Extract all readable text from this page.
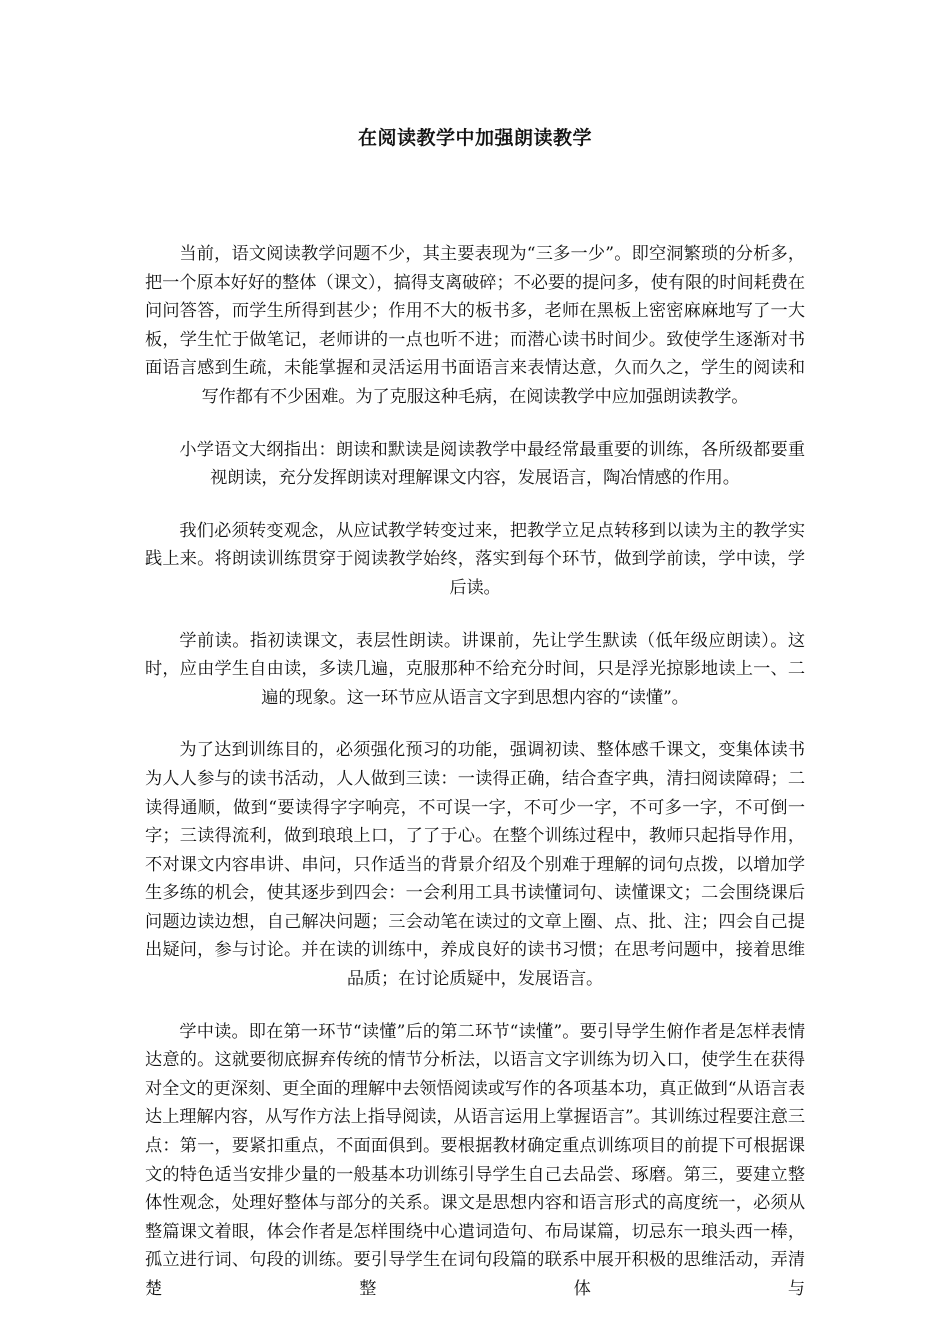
在阅读教学中加强朗读教学

当前，语文阅读教学问题不少，其主要表现为“三多一少”。即空洞繁琐的分析多，把一个原本好好的整体（课文），搞得支离破碎；不必要的提问多，使有限的时间耗费在问问答答，而学生所得到甚少；作用不大的板书多，老师在黑板上密密麻麻地写了一大板，学生忙于做笔记，老师讲的一点也听不进；而潜心读书时间少。致使学生逐渐对书面语言感到生疏，未能掌握和灵活运用书面语言来表情达意，久而久之，学生的阅读和写作都有不少困难。为了克服这种毛病，在阅读教学中应加强朗读教学。

小学语文大纲指出：朗读和默读是阅读教学中最经常最重要的训练，各所级都要重视朗读，充分发挥朗读对理解课文内容，发展语言，陶冶情感的作用。

我们必须转变观念，从应试教学转变过来，把教学立足点转移到以读为主的教学实践上来。将朗读训练贯穿于阅读教学始终，落实到每个环节，做到学前读，学中读，学后读。

学前读。指初读课文，表层性朗读。讲课前，先让学生默读（低年级应朗读）。这时，应由学生自由读，多读几遍，克服那种不给充分时间，只是浮光掠影地读上一、二遍的现象。这一环节应从语言文字到思想内容的“读懂”。

为了达到训练目的，必须强化预习的功能，强调初读、整体感千课文，变集体读书为人人参与的读书活动，人人做到三读：一读得正确，结合查字典，清扫阅读障碍；二读得通顺，做到“要读得字字响亮，不可误一字，不可少一字，不可多一字，不可倒一字；三读得流利，做到琅琅上口，了了于心。在整个训练过程中，教师只起指导作用，不对课文内容串讲、串问，只作适当的背景介绍及个别难于理解的词句点拨，以增加学生多练的机会，使其逐步到四会：一会利用工具书读懂词句、读懂课文；二会围绕课后问题边读边想，自己解决问题；三会动笔在读过的文章上圈、点、批、注；四会自己提出疑问，参与讨论。并在读的训练中，养成良好的读书习惯；在思考问题中，接着思维品质；在讨论质疑中，发展语言。

学中读。即在第一环节“读懂”后的第二环节“读懂”。要引导学生俯作者是怎样表情达意的。这就要彻底摒弃传统的情节分析法，以语言文字训练为切入口，使学生在获得对全文的更深刻、更全面的理解中去领悟阅读或写作的各项基本功，真正做到“从语言表达上理解内容，从写作方法上指导阅读，从语言运用上掌握语言”。其训练过程要注意三点：第一，要紧扣重点，不面面俱到。要根据教材确定重点训练项目的前提下可根据课文的特色适当安排少量的一般基本功训练引导学生自己去品尝、琢磨。第三，要建立整体性观念，处理好整体与部分的关系。课文是思想内容和语言形式的高度统一，必须从整篇课文着眼，体会作者是怎样围绕中心遣词造句、布局谋篇，切忌东一琅头西一棒，孤立进行词、句段的训练。要引导学生在词句段篇的联系中展开积极的思维活动，弄清楚整体与
